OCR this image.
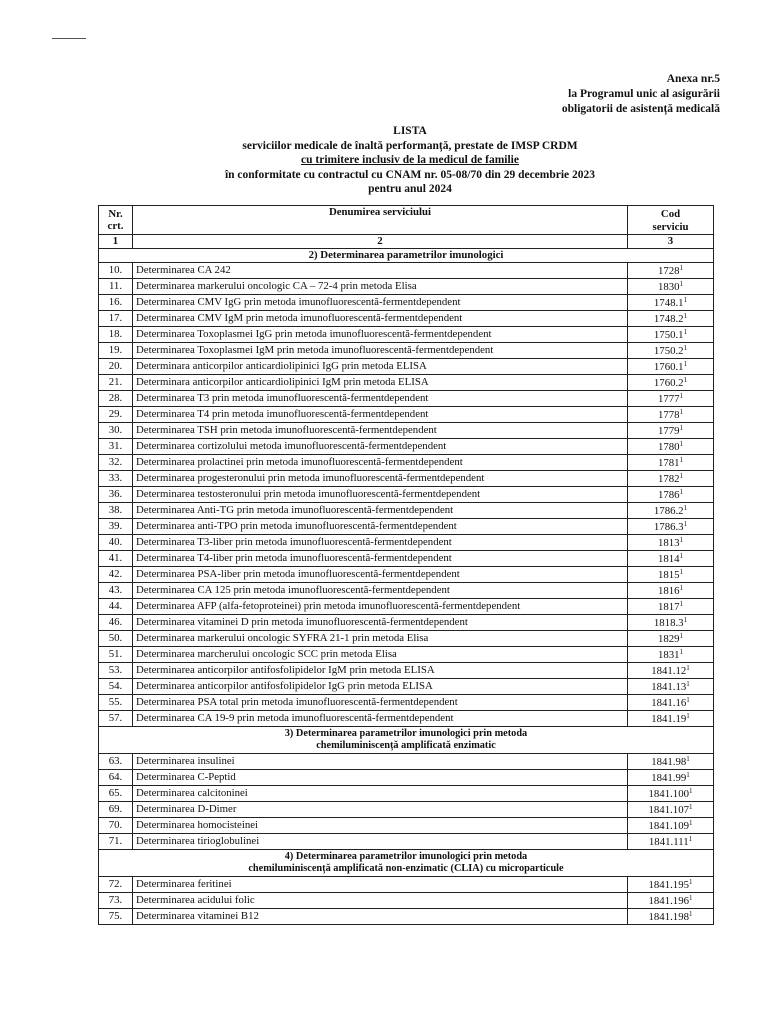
Anexa nr.5
la Programul unic al asigurării
obligatorii de asistență medicală
LISTA
serviciilor medicale de înaltă performanță, prestate de IMSP CRDM
cu trimitere inclusiv de la medicul de familie
în conformitate cu contractul cu CNAM nr. 05-08/70 din 29 decembrie 2023
pentru anul 2024
Nr.
crt.	Denumirea serviciului	Cod
serviciu
1	2	3
2) Determinarea parametrilor imunologici		
10.	Determinarea CA 242	1728$^1$
11.	Determinarea markerului oncologic CA – 72-4 prin metoda Elisa	1830$^1$
16.	Determinarea CMV IgG prin metoda imunofluorescentă-fermentdependent	1748.1$^1$
17.	Determinarea CMV IgM prin metoda imunofluorescentă-fermentdependent	1748.2$^1$
18.	Determinarea Toxoplasmei IgG prin metoda imunofluorescentă-fermentdependent	1750.1$^1$
19.	Determinarea Toxoplasmei IgM prin metoda imunofluorescentă-fermentdependent	1750.2$^1$
20.	Determinara anticorpilor anticardiolipinici IgG prin metoda ELISA	1760.1$^1$
21.	Determinara anticorpilor anticardiolipinici IgM prin metoda ELISA	1760.2$^1$
28.	Determinarea T3 prin metoda imunofluorescentă-fermentdependent	1777$^1$
29.	Determinarea T4 prin metoda imunofluorescentă-fermentdependent	1778$^1$
30.	Determinarea TSH prin metoda imunofluorescentă-fermentdependent	1779$^1$
31.	Determinarea cortizolului metoda imunofluorescentă-fermentdependent	1780$^1$
32.	Determinarea prolactinei prin metoda imunofluorescentă-fermentdependent	1781$^1$
33.	Determinarea progesteronului prin metoda imunofluorescentă-fermentdependent	1782$^1$
36.	Determinarea testosteronului prin metoda imunofluorescentă-fermentdependent	1786$^1$
38.	Determinarea Anti-TG prin metoda imunofluorescentă-fermentdependent	1786.2$^1$
39.	Determinarea anti-TPO prin metoda imunofluorescentă-fermentdependent	1786.3$^1$
40.	Determinarea T3-liber prin metoda imunofluorescentă-fermentdependent	1813$^1$
41.	Determinarea T4-liber prin metoda imunofluorescentă-fermentdependent	1814$^1$
42.	Determinarea PSA-liber prin metoda imunofluorescentă-fermentdependent	1815$^1$
43.	Determinarea CA 125 prin metoda imunofluorescentă-fermentdependent	1816$^1$
44.	Determinarea AFP (alfa-fetoproteinei) prin metoda imunofluorescentă-fermentdependent	1817$^1$
46.	Determinarea vitaminei D prin metoda imunofluorescentă-fermentdependent	1818.3$^1$
50.	Determinarea markerului oncologic SYFRA 21-1 prin metoda Elisa	1829$^1$
51.	Determinarea marcherului oncologic SCC prin metoda Elisa	1831$^1$
53.	Determinarea anticorpilor antifosfolipidelor IgM prin metoda ELISA	1841.12$^1$
54.	Determinarea anticorpilor antifosfolipidelor IgG prin metoda ELISA	1841.13$^1$
55.	Determinarea PSA total prin metoda imunofluorescentă-fermentdependent	1841.16$^1$
57.	Determinarea CA 19-9 prin metoda imunofluorescentă-fermentdependent	1841.19$^1$

3) Determinarea parametrilor imunologici prin metoda
chemiluminiscență amplificată enzimatic		

63.	Determinarea insulinei	1841.98$^1$
64.	Determinarea C-Peptid	1841.99$^1$
65.	Determinarea calcitoninei	1841.100$^1$
69.	Determinarea D-Dimer	1841.107$^1$
70.	Determinarea homocisteinei	1841.109$^1$
71.	Determinarea tirioglobulinei	1841.111$^1$

4) Determinarea parametrilor imunologici prin metoda
chemiluminiscență amplificată non-enzimatic (CLIA) cu microparticule		

72.	Determinarea feritinei	1841.195$^1$
73.	Determinarea acidului folic	1841.196$^1$
75.	Determinarea vitaminei B12	1841.198$^1$
